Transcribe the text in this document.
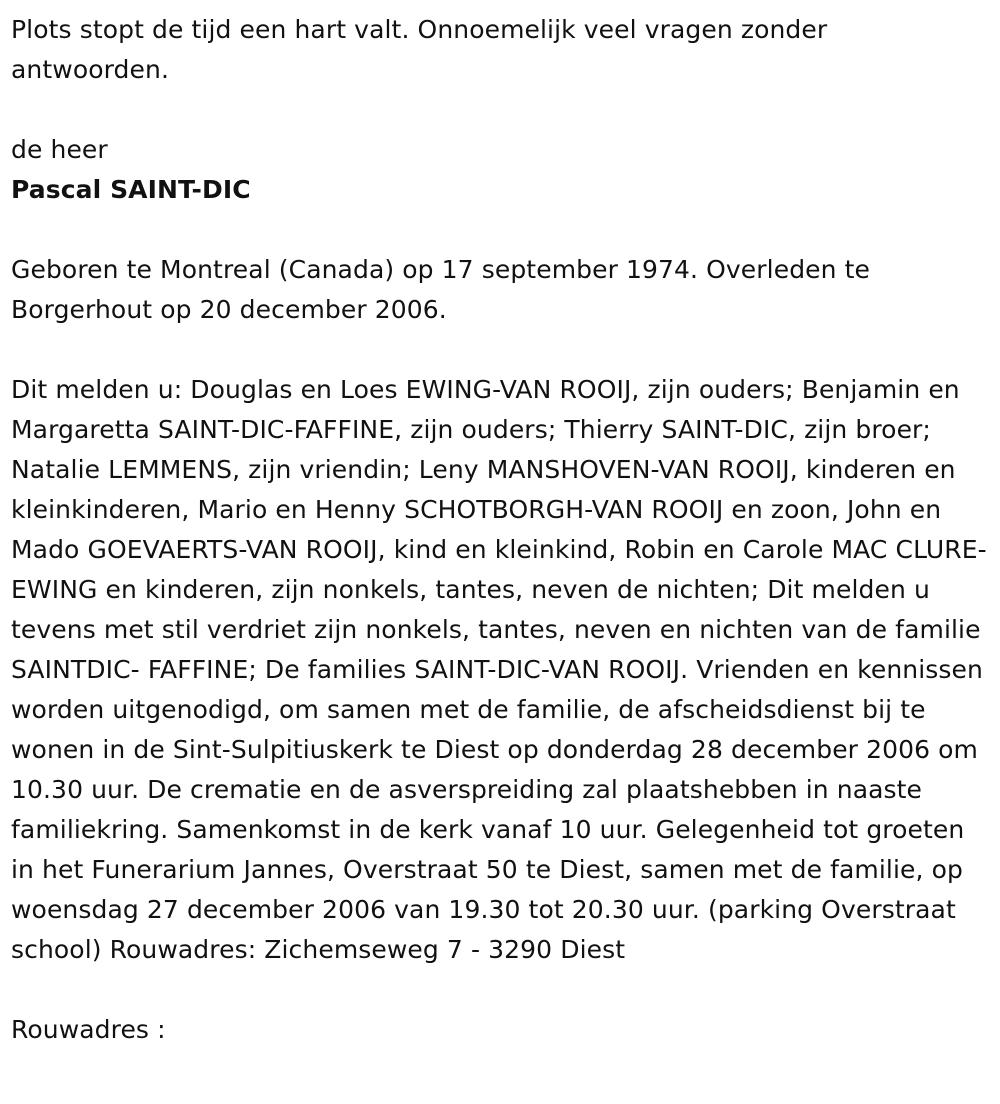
Plots stopt de tijd een hart valt. Onnoemelijk veel vragen zonder antwoorden.

de heer

Pascal SAINT-DIC

Geboren te Montreal (Canada) op 17 september 1974. Overleden te Borgerhout op 20 december 2006.

Dit melden u: Douglas en Loes EWING-VAN ROOIJ, zijn ouders; Benjamin en Margaretta SAINT-DIC-FAFFINE, zijn ouders; Thierry SAINT-DIC, zijn broer; Natalie LEMMENS, zijn vriendin; Leny MANSHOVEN-VAN ROOIJ, kinderen en kleinkinderen, Mario en Henny SCHOTBORGH-VAN ROOIJ en zoon, John en Mado GOEVAERTS-VAN ROOIJ, kind en kleinkind, Robin en Carole MAC CLURE-EWING en kinderen, zijn nonkels, tantes, neven de nichten; Dit melden u tevens met stil verdriet zijn nonkels, tantes, neven en nichten van de familie SAINTDIC- FAFFINE; De families SAINT-DIC-VAN ROOIJ. Vrienden en kennissen worden uitgenodigd, om samen met de familie, de afscheidsdienst bij te wonen in de Sint-Sulpitiuskerk te Diest op donderdag 28 december 2006 om 10.30 uur. De crematie en de asverspreiding zal plaatshebben in naaste familiekring. Samenkomst in de kerk vanaf 10 uur. Gelegenheid tot groeten in het Funerarium Jannes, Overstraat 50 te Diest, samen met de familie, op woensdag 27 december 2006 van 19.30 tot 20.30 uur. (parking Overstraat school) Rouwadres: Zichemseweg 7 - 3290 Diest

Rouwadres :
